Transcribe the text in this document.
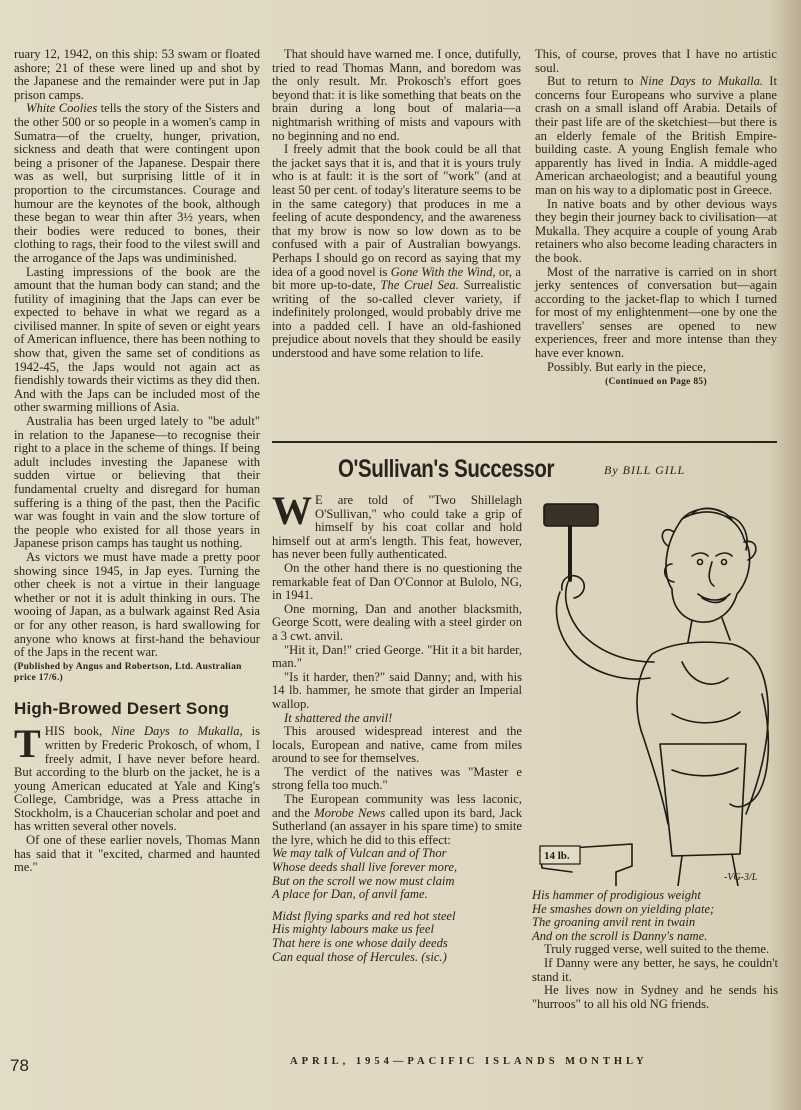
ruary 12, 1942, on this ship: 53 swam or floated ashore; 21 of these were lined up and shot by the Japanese and the remainder were put in Jap prison camps.

White Coolies tells the story of the Sisters and the other 500 or so people in a women's camp in Sumatra—of the cruelty, hunger, privation, sickness and death that were contingent upon being a prisoner of the Japanese. Despair there was as well, but surprising little of it in proportion to the circumstances. Courage and humour are the keynotes of the book, although these began to wear thin after 3½ years, when their bodies were reduced to bones, their clothing to rags, their food to the vilest swill and the arrogance of the Japs was undiminished.

Lasting impressions of the book are the amount that the human body can stand; and the futility of imagining that the Japs can ever be expected to behave in what we regard as a civilised manner. In spite of seven or eight years of American influence, there has been nothing to show that, given the same set of conditions as 1942-45, the Japs would not again act as fiendishly towards their victims as they did then. And with the Japs can be included most of the other swarming millions of Asia.

Australia has been urged lately to "be adult" in relation to the Japanese—to recognise their right to a place in the scheme of things. If being adult includes investing the Japanese with sudden virtue or believing that their fundamental cruelty and disregard for human suffering is a thing of the past, then the Pacific war was fought in vain and the slow torture of the people who existed for all those years in Japanese prison camps has taught us nothing.

As victors we must have made a pretty poor showing since 1945, in Jap eyes. Turning the other cheek is not a virtue in their language whether or not it is adult thinking in ours. The wooing of Japan, as a bulwark against Red Asia or for any other reason, is hard swallowing for anyone who knows at first-hand the behaviour of the Japs in the recent war.

(Published by Angus and Robertson, Ltd. Australian price 17/6.)
High-Browed Desert Song

THIS book, Nine Days to Mukalla, is written by Frederic Prokosch, of whom, I freely admit, I have never before heard. But according to the blurb on the jacket, he is a young American educated at Yale and King's College, Cambridge, was a Press attache in Stockholm, is a Chaucerian scholar and poet and has written several other novels.

Of one of these earlier novels, Thomas Mann has said that it "excited, charmed and haunted me."

That should have warned me. I once, dutifully, tried to read Thomas Mann, and boredom was the only result. Mr. Prokosch's effort goes beyond that: it is like something that beats on the brain during a long bout of malaria—a nightmarish writhing of mists and vapours with no beginning and no end.

I freely admit that the book could be all that the jacket says that it is, and that it is yours truly who is at fault: it is the sort of "work" (and at least 50 per cent. of today's literature seems to be in the same category) that produces in me a feeling of acute despondency, and the awareness that my brow is now so low down as to be confused with a pair of Australian bowyangs. Perhaps I should go on record as saying that my idea of a good novel is Gone With the Wind, or, a bit more up-to-date, The Cruel Sea. Surrealistic writing of the so-called clever variety, if indefinitely prolonged, would probably drive me into a padded cell. I have an old-fashioned prejudice about novels that they should be easily understood and have some relation to life.

This, of course, proves that I have no artistic soul.

But to return to Nine Days to Mukalla. It concerns four Europeans who survive a plane crash on a small island off Arabia. Details of their past life are of the sketchiest—but there is an elderly female of the British Empire-building caste. A young English female who apparently has lived in India. A middle-aged American archaeologist; and a beautiful young man on his way to a diplomatic post in Greece.

In native boats and by other devious ways they begin their journey back to civilisation—at Mukalla. They acquire a couple of young Arab retainers who also become leading characters in the book.

Most of the narrative is carried on in short jerky sentences of conversation but—again according to the jacket-flap to which I turned for most of my enlightenment—one by one the travellers' senses are opened to new experiences, freer and more intense than they have ever known.

Possibly. But early in the piece,

(Continued on Page 85)
O'Sullivan's Successor	By BILL GILL

W E are told of "Two Shillelagh O'Sullivan," who could take a grip of himself by his coat collar and hold himself out at arm's length. This feat, however, has never been fully authenticated.

On the other hand there is no questioning the remarkable feat of Dan O'Connor at Bulolo, NG, in 1941.

One morning, Dan and another blacksmith, George Scott, were dealing with a steel girder on a 3 cwt. anvil.

"Hit it, Dan!" cried George. "Hit it a bit harder, man."

"Is it harder, then?" said Danny; and, with his 14 lb. hammer, he smote that girder an Imperial wallop.

It shattered the anvil!

This aroused widespread interest and the locals, European and native, came from miles around to see for themselves.

The verdict of the natives was "Master e strong fella too much."

The European community was less laconic, and the Morobe News called upon its bard, Jack Sutherland (an assayer in his spare time) to smite the lyre, which he did to this effect:

We may talk of Vulcan and of Thor

Whose deeds shall live forever more,

But on the scroll we now must claim

A place for Dan, of anvil fame.

Midst flying sparks and red hot steel

His mighty labours make us feel

That here is one whose daily deeds

Can equal those of Hercules. (sic.)

14 lb.
-VG-3/L

His hammer of prodigious weight

He smashes down on yielding plate;

The groaning anvil rent in twain

And on the scroll is Danny's name.

Truly rugged verse, well suited to the theme.

If Danny were any better, he says, he couldn't stand it.

He lives now in Sydney and he sends his "hurroos" to all his old NG friends.

78	APRIL, 1954—PACIFIC ISLANDS MONTHLY
